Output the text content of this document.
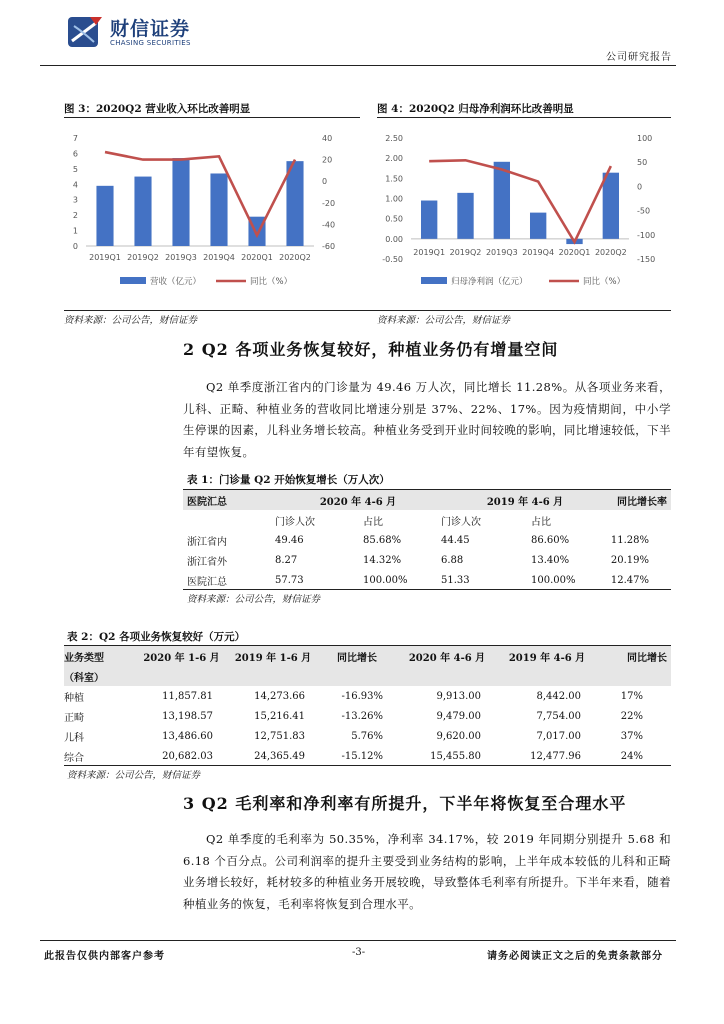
财信证券
CHASING SECURITIES
公司研究报告
图 3：2020Q2 营业收入环比改善明显	图 4：2020Q2 归母净利润环比改善明显
0
1
2
3
4
5
6
7
-60
-40
-20
0
20
40
2019Q1 2019Q2 2019Q3 2019Q4 2020Q1 2020Q2
营收（亿元）	同比（%）
-0.50
0.00
0.50
1.00
1.50
2.00
2.50
-150
-100
-50
0
50
100
2019Q1 2019Q2 2019Q3 2019Q4 2020Q1 2020Q2
归母净利润（亿元）	同比（%）
资料来源：公司公告，财信证券	资料来源：公司公告，财信证券
2 Q2 各项业务恢复较好，种植业务仍有增量空间
Q2 单季度浙江省内的门诊量为 49.46 万人次，同比增长 11.28%。从各项业务来看，儿科、正畸、种植业务的营收同比增速分别是 37%、22%、17%。因为疫情期间，中小学生停课的因素，儿科业务增长较高。种植业务受到开业时间较晚的影响，同比增速较低，下半年有望恢复。
表 1：门诊量 Q2 开始恢复增长（万人次）
医院汇总	2020 年 4-6 月		2019 年 4-6 月		同比增长率
	门诊人次	占比	门诊人次	占比	
浙江省内	49.46	85.68%	44.45	86.60%	11.28%
浙江省外	8.27	14.32%	6.88	13.40%	20.19%
医院汇总	57.73	100.00%	51.33	100.00%	12.47%
资料来源：公司公告，财信证券
表 2：Q2 各项业务恢复较好（万元）
业务类型	2020 年 1-6 月	2019 年 1-6 月	同比增长	2020 年 4-6 月	2019 年 4-6 月	同比增长
（科室）						
种植	11,857.81	14,273.66	-16.93%	9,913.00	8,442.00	17%
正畸	13,198.57	15,216.41	-13.26%	9,479.00	7,754.00	22%
儿科	13,486.60	12,751.83	5.76%	9,620.00	7,017.00	37%
综合	20,682.03	24,365.49	-15.12%	15,455.80	12,477.96	24%
资料来源：公司公告，财信证券
3 Q2 毛利率和净利率有所提升，下半年将恢复至合理水平
Q2 单季度的毛利率为 50.35%，净利率 34.17%，较 2019 年同期分别提升 5.68 和 6.18 个百分点。公司利润率的提升主要受到业务结构的影响，上半年成本较低的儿科和正畸业务增长较好，耗材较多的种植业务开展较晚，导致整体毛利率有所提升。下半年来看，随着种植业务的恢复，毛利率将恢复到合理水平。
此报告仅供内部客户参考	-3-	请务必阅读正文之后的免责条款部分
